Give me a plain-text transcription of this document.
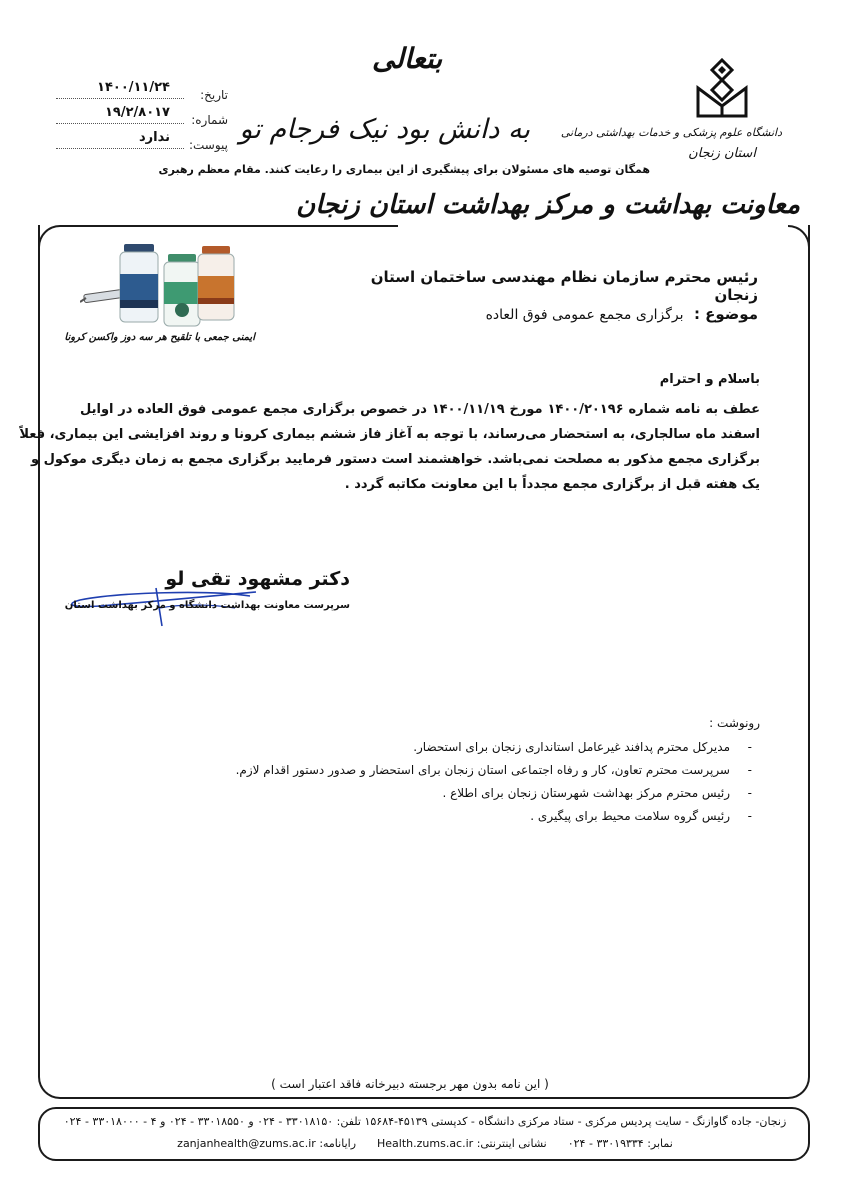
دانشگاه علوم پزشکی و خدمات بهداشتی درمانی
استان زنجان
بتعالی
به دانش بود نیک فرجام تو
همگان توصیه های مسئولان برای پیشگیری از این بیماری را رعایت کنند. مقام معظم رهبری
تاریخ:
۱۴۰۰/۱۱/۲۴
شماره:
۱۹/۲/۸۰۱۷
پیوست:
ندارد
معاونت بهداشت و مرکز بهداشت استان زنجان
رئیس محترم سازمان نظام مهندسی ساختمان استان زنجان
موضوع : برگزاری مجمع عمومی فوق العاده
ایمنی جمعی با تلقیح هر سه دوز واکسن کرونا
باسلام و احترام
عطف به نامه شماره ۱۴۰۰/۲۰۱۹۶ مورخ ۱۴۰۰/۱۱/۱۹ در خصوص برگزاری مجمع عمومی فوق العاده در اوایل
اسفند ماه سالجاری، به استحضار می‌رساند، با توجه به آغاز فاز ششم بیماری کرونا و روند افزایشی این بیماری، فعلاً
برگزاری مجمع مذکور به مصلحت نمی‌باشد. خواهشمند است دستور فرمایید برگزاری مجمع به زمان دیگری موکول و
یک هفته قبل از برگزاری مجمع مجدداً با این معاونت مکاتبه گردد .
دکتر مشهود تقی لو
سرپرست معاونت بهداشت دانشگاه و مرکز بهداشت استان
رونوشت :
- مدیرکل محترم پدافند غیرعامل استانداری زنجان برای استحضار.
- سرپرست محترم تعاون، کار و رفاه اجتماعی استان زنجان برای استحضار و صدور دستور اقدام لازم.
- رئیس محترم مرکز بهداشت شهرستان زنجان برای اطلاع .
- رئیس گروه سلامت محیط برای پیگیری .
( این نامه بدون مهر برجسته دبیرخانه فاقد اعتبار است )
زنجان- جاده گاوازنگ - سایت پردیس مرکزی - ستاد مرکزی دانشگاه - کدپستی ۴۵۱۳۹-۱۵۶۸۴ تلفن: ۳۳۰۱۸۱۵۰ - ۰۲۴ و ۳۳۰۱۸۵۵۰ - ۰۲۴ و ۴ - ۳۳۰۱۸۰۰۰ - ۰۲۴
نمابر: ۳۳۰۱۹۳۳۴ - ۰۲۴  نشانی اینترنتی: Health.zums.ac.ir  رایانامه: zanjanhealth@zums.ac.ir
